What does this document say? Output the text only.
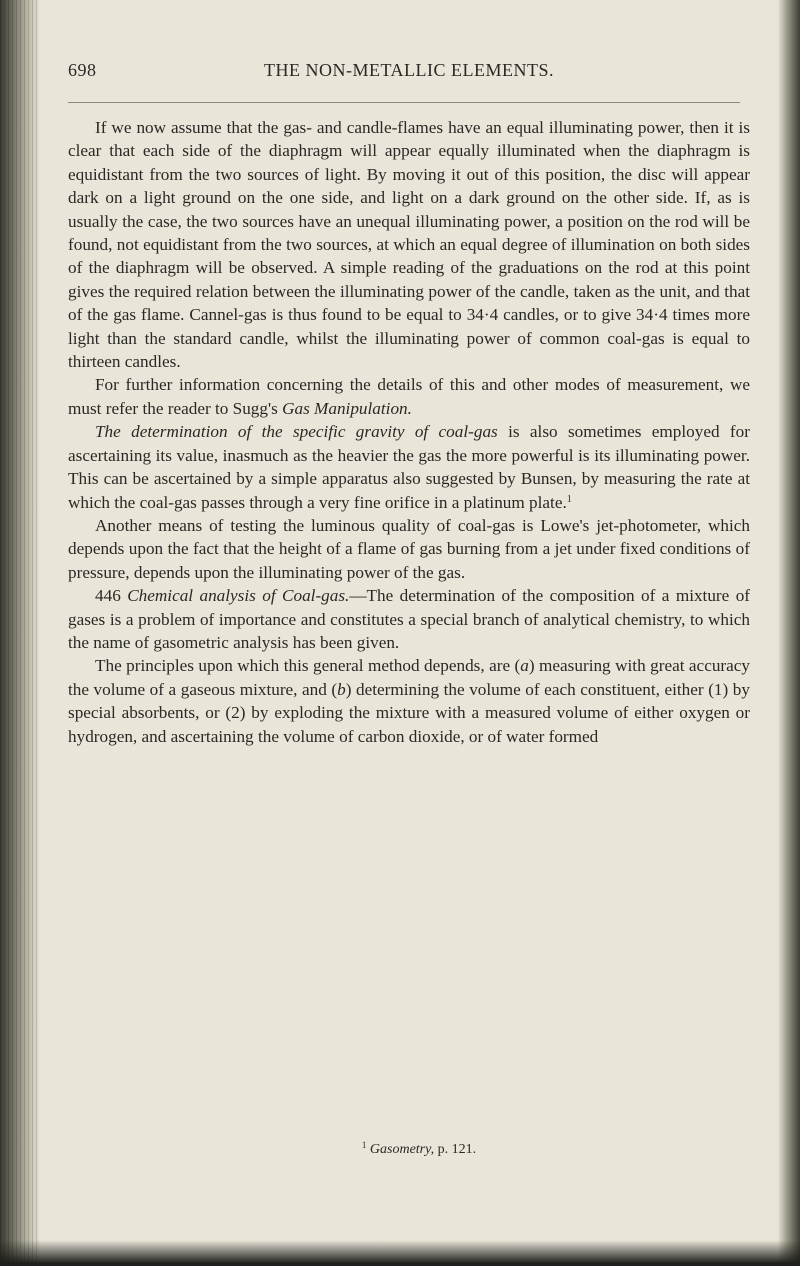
698	THE NON-METALLIC ELEMENTS.

If we now assume that the gas- and candle-flames have an equal illuminating power, then it is clear that each side of the diaphragm will appear equally illuminated when the diaphragm is equidistant from the two sources of light. By moving it out of this position, the disc will appear dark on a light ground on the one side, and light on a dark ground on the other side. If, as is usually the case, the two sources have an unequal illuminating power, a position on the rod will be found, not equidistant from the two sources, at which an equal degree of illumination on both sides of the diaphragm will be observed. A simple reading of the graduations on the rod at this point gives the required relation between the illuminating power of the candle, taken as the unit, and that of the gas flame. Cannel-gas is thus found to be equal to 34·4 candles, or to give 34·4 times more light than the standard candle, whilst the illuminating power of common coal-gas is equal to thirteen candles.

For further information concerning the details of this and other modes of measurement, we must refer the reader to Sugg's Gas Manipulation.

The determination of the specific gravity of coal-gas is also sometimes employed for ascertaining its value, inasmuch as the heavier the gas the more powerful is its illuminating power. This can be ascertained by a simple apparatus also suggested by Bunsen, by measuring the rate at which the coal-gas passes through a very fine orifice in a platinum plate.$^1$

Another means of testing the luminous quality of coal-gas is Lowe's jet-photometer, which depends upon the fact that the height of a flame of gas burning from a jet under fixed conditions of pressure, depends upon the illuminating power of the gas.

446 Chemical analysis of Coal-gas.—The determination of the composition of a mixture of gases is a problem of importance and constitutes a special branch of analytical chemistry, to which the name of gasometric analysis has been given.

The principles upon which this general method depends, are (a) measuring with great accuracy the volume of a gaseous mixture, and (b) determining the volume of each constituent, either (1) by special absorbents, or (2) by exploding the mixture with a measured volume of either oxygen or hydrogen, and ascertaining the volume of carbon dioxide, or of water formed

$^1$ Gasometry, p. 121.
